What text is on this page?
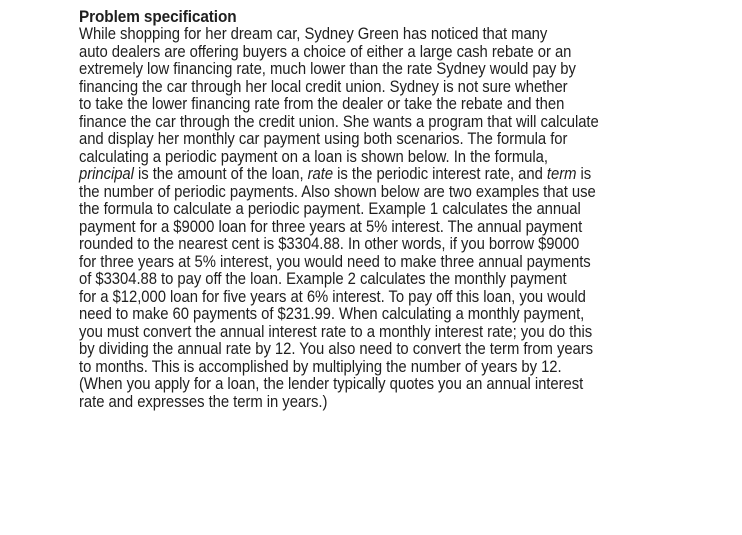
Problem specification
While shopping for her dream car, Sydney Green has noticed that many
auto dealers are offering buyers a choice of either a large cash rebate or an
extremely low financing rate, much lower than the rate Sydney would pay by
financing the car through her local credit union. Sydney is not sure whether
to take the lower financing rate from the dealer or take the rebate and then
finance the car through the credit union. She wants a program that will calculate
and display her monthly car payment using both scenarios. The formula for
calculating a periodic payment on a loan is shown below. In the formula,
principal is the amount of the loan, rate is the periodic interest rate, and term is
the number of periodic payments. Also shown below are two examples that use
the formula to calculate a periodic payment. Example 1 calculates the annual
payment for a $9000 loan for three years at 5% interest. The annual payment
rounded to the nearest cent is $3304.88. In other words, if you borrow $9000
for three years at 5% interest, you would need to make three annual payments
of $3304.88 to pay off the loan. Example 2 calculates the monthly payment
for a $12,000 loan for five years at 6% interest. To pay off this loan, you would
need to make 60 payments of $231.99. When calculating a monthly payment,
you must convert the annual interest rate to a monthly interest rate; you do this
by dividing the annual rate by 12. You also need to convert the term from years
to months. This is accomplished by multiplying the number of years by 12.
(When you apply for a loan, the lender typically quotes you an annual interest
rate and expresses the term in years.)
